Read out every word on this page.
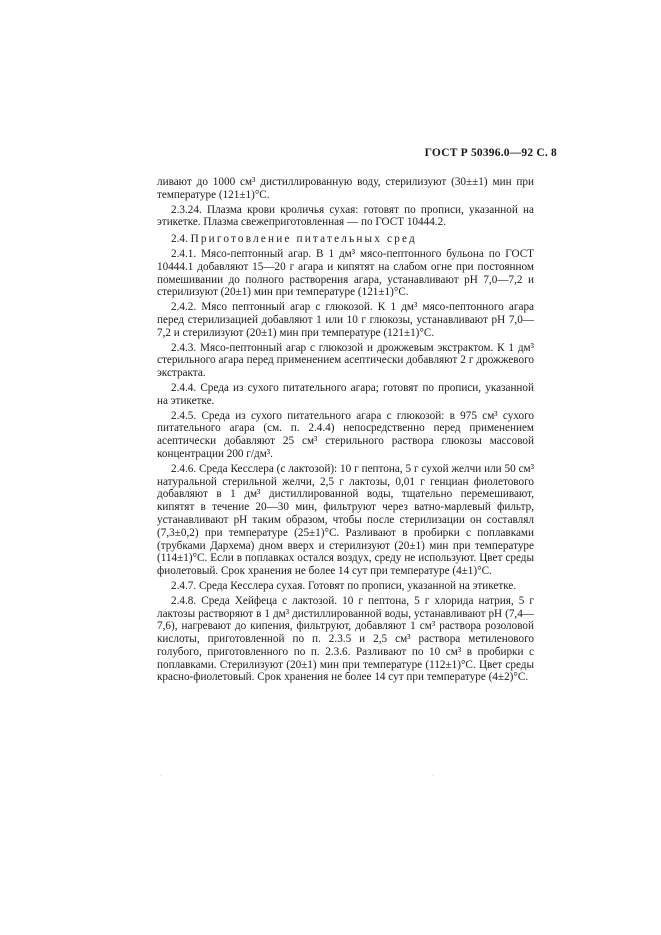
ГОСТ Р 50396.0—92 С. 8

ливают до 1000 см³ дистиллированную воду, стерилизуют (30±±1) мин при температуре (121±1)°C.

2.3.24. Плазма крови кроличья сухая: готовят по прописи, указанной на этикетке. Плазма свежеприготовленная — по ГОСТ 10444.2.

2.4. Приготовление питательных сред

2.4.1. Мясо-пептонный агар. В 1 дм³ мясо-пептонного бульона по ГОСТ 10444.1 добавляют 15—20 г агара и кипятят на слабом огне при постоянном помешивании до полного растворения агара, устанавливают pH 7,0—7,2 и стерилизуют (20±1) мин при температуре (121±1)°C.

2.4.2. Мясо пептонный агар с глюкозой. К 1 дм³ мясо-пептонного агара перед стерилизацией добавляют 1 или 10 г глюкозы, устанавливают pH 7,0—7,2 и стерилизуют (20±1) мин при температуре (121±1)°C.

2.4.3. Мясо-пептонный агар с глюкозой и дрожжевым экстрактом. К 1 дм³ стерильного агара перед применением асептически добавляют 2 г дрожжевого экстракта.

2.4.4. Среда из сухого питательного агара; готовят по прописи, указанной на этикетке.

2.4.5. Среда из сухого питательного агара с глюкозой: в 975 см³ сухого питательного агара (см. п. 2.4.4) непосредственно перед применением асептически добавляют 25 см³ стерильного раствора глюкозы массовой концентрации 200 г/дм³.

2.4.6. Среда Кесслера (с лактозой): 10 г пептона, 5 г сухой желчи или 50 см³ натуральной стерильной желчи, 2,5 г лактозы, 0,01 г генциан фиолетового добавляют в 1 дм³ дистиллированной воды, тщательно перемешивают, кипятят в течение 20—30 мин, фильтруют через ватно-марлевый фильтр, устанавливают pH таким образом, чтобы после стерилизации он составлял (7,3±0,2) при температуре (25±1)°C. Разливают в пробирки с поплавками (трубками Дархема) дном вверх и стерилизуют (20±1) мин при температуре (114±1)°C. Если в поплавках остался воздух, среду не используют. Цвет среды фиолетовый. Срок хранения не более 14 сут при температуре (4±1)°C.

2.4.7. Среда Кесслера сухая. Готовят по прописи, указанной на этикетке.

2.4.8. Среда Хейфеца с лактозой. 10 г пептона, 5 г хлорида натрия, 5 г лактозы растворяют в 1 дм³ дистиллированной воды, устанавливают pH (7,4—7,6), нагревают до кипения, фильтруют, добавляют 1 см³ раствора розоловой кислоты, приготовленной по п. 2.3.5 и 2,5 см³ раствора метиленового голубого, приготовленного по п. 2.3.6. Разливают по 10 см³ в пробирки с поплавками. Стерилизуют (20±1) мин при температуре (112±1)°C. Цвет среды красно-фиолетовый. Срок хранения не более 14 сут при температуре (4±2)°C.

·	·
